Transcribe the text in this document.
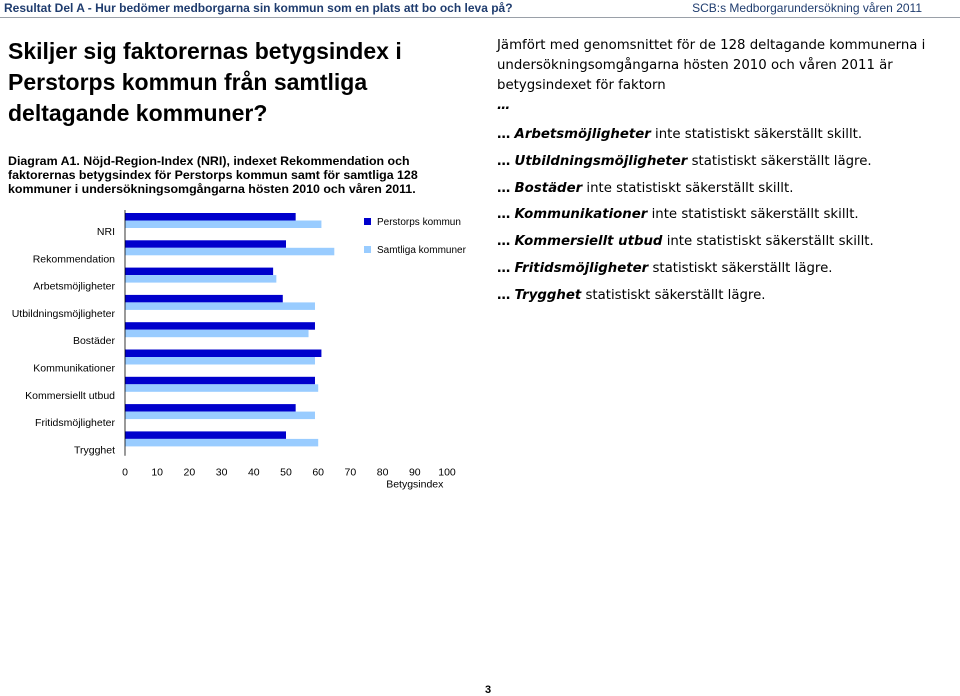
Resultat Del A - Hur bedömer medborgarna sin kommun som en plats att bo och leva på?	SCB:s Medborgarundersökning våren 2011
Skiljer sig faktorernas betygsindex i Perstorps kommun från samtliga deltagande kommuner?
Diagram A1. Nöjd-Region-Index (NRI), indexet Rekommendation och faktorernas betygsindex för Perstorps kommun samt för samtliga 128 kommuner i undersökningsomgångarna hösten 2010 och våren 2011.
NRI
Rekommendation
Arbetsmöjligheter
Utbildningsmöjligheter
Bostäder
Kommunikationer
Kommersiellt utbud
Fritidsmöjligheter
Trygghet
0 10 20 30 40 50 60 70 80 90 100
Betygsindex
Perstorps kommun
Samtliga kommuner

Jämfört med genomsnittet för de 128 deltagande kommunerna i undersökningsomgångarna hösten 2010 och våren 2011 är betygsindexet för faktorn
…

… Arbetsmöjligheter inte statistiskt säkerställt skillt.
… Utbildningsmöjligheter statistiskt säkerställt lägre.
… Bostäder inte statistiskt säkerställt skillt.
… Kommunikationer inte statistiskt säkerställt skillt.
… Kommersiellt utbud inte statistiskt säkerställt skillt.
… Fritidsmöjligheter statistiskt säkerställt lägre.
… Trygghet statistiskt säkerställt lägre.
3
